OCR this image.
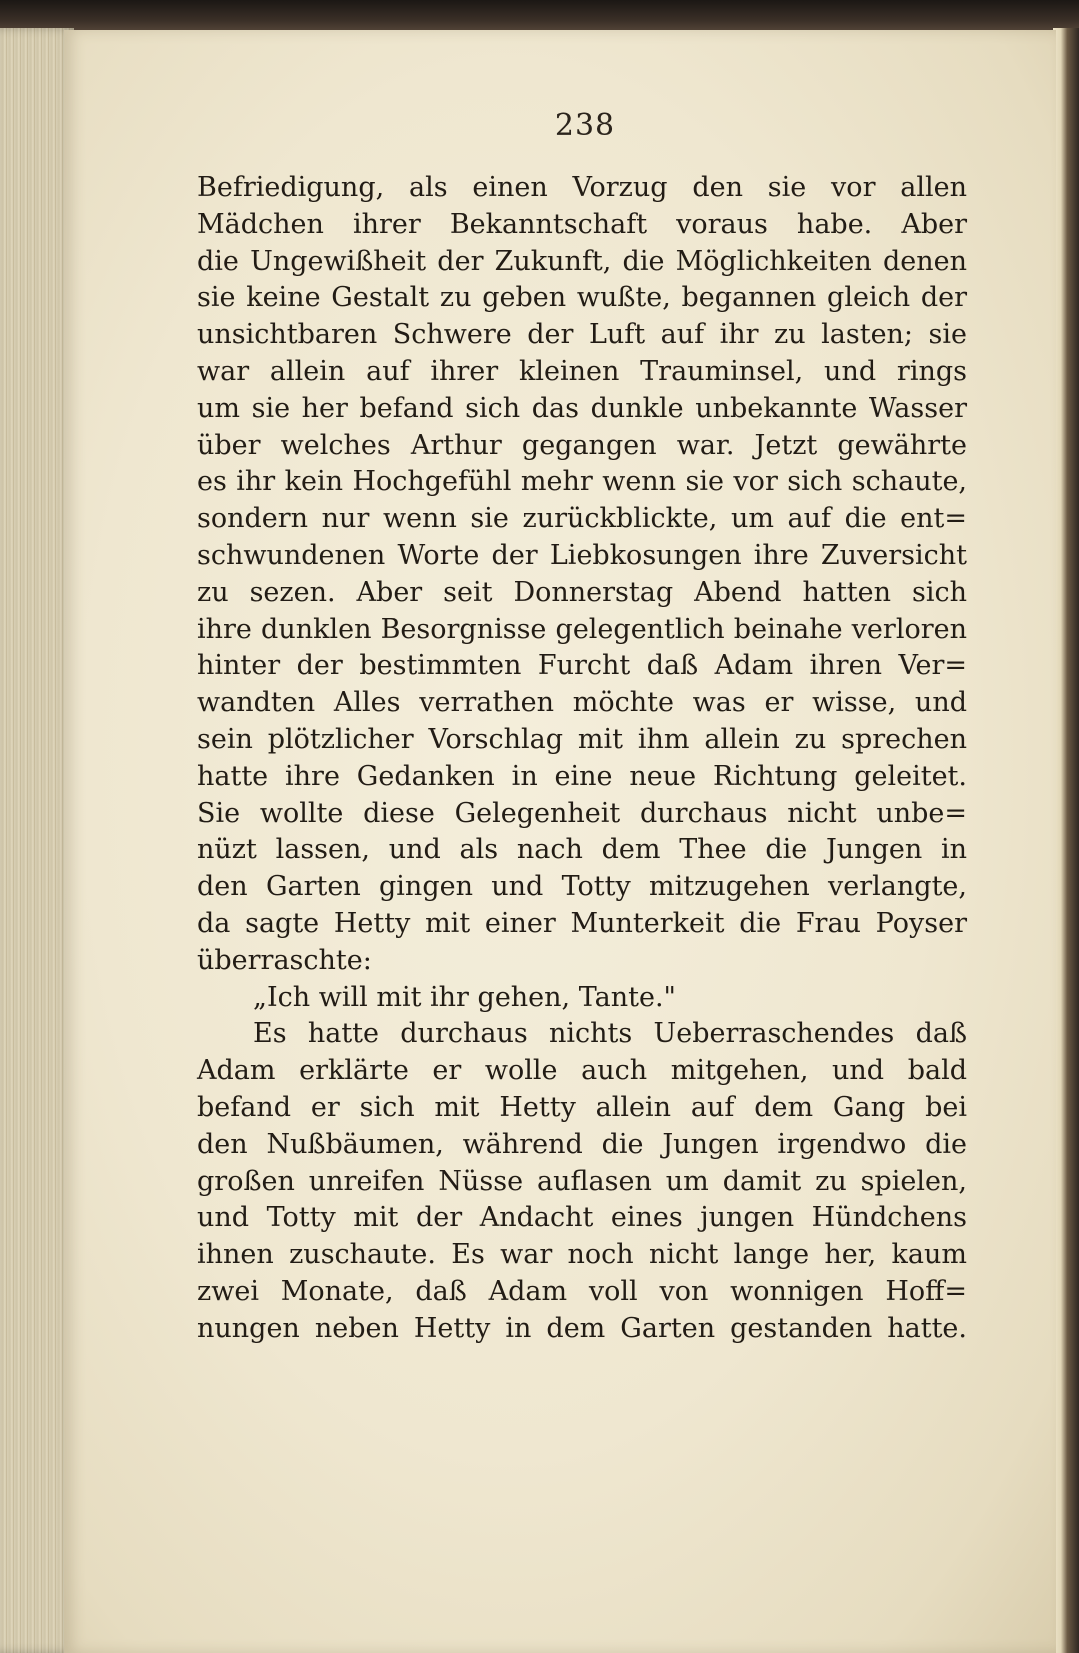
238
Befriedigung, als einen Vorzug den sie vor allen
Mädchen ihrer Bekanntschaft voraus habe. Aber
die Ungewißheit der Zukunft, die Möglichkeiten denen
sie keine Gestalt zu geben wußte, begannen gleich der
unsichtbaren Schwere der Luft auf ihr zu lasten; sie
war allein auf ihrer kleinen Trauminsel, und rings
um sie her befand sich das dunkle unbekannte Wasser
über welches Arthur gegangen war. Jetzt gewährte
es ihr kein Hochgefühl mehr wenn sie vor sich schaute,
sondern nur wenn sie zurückblickte, um auf die ent=
schwundenen Worte der Liebkosungen ihre Zuversicht
zu sezen. Aber seit Donnerstag Abend hatten sich
ihre dunklen Besorgnisse gelegentlich beinahe verloren
hinter der bestimmten Furcht daß Adam ihren Ver=
wandten Alles verrathen möchte was er wisse, und
sein plötzlicher Vorschlag mit ihm allein zu sprechen
hatte ihre Gedanken in eine neue Richtung geleitet.
Sie wollte diese Gelegenheit durchaus nicht unbe=
nüzt lassen, und als nach dem Thee die Jungen in
den Garten gingen und Totty mitzugehen verlangte,
da sagte Hetty mit einer Munterkeit die Frau Poyser
überraschte:
„Ich will mit ihr gehen, Tante."
Es hatte durchaus nichts Ueberraschendes daß
Adam erklärte er wolle auch mitgehen, und bald
befand er sich mit Hetty allein auf dem Gang bei
den Nußbäumen, während die Jungen irgendwo die
großen unreifen Nüsse auflasen um damit zu spielen,
und Totty mit der Andacht eines jungen Hündchens
ihnen zuschaute. Es war noch nicht lange her, kaum
zwei Monate, daß Adam voll von wonnigen Hoff=
nungen neben Hetty in dem Garten gestanden hatte.
